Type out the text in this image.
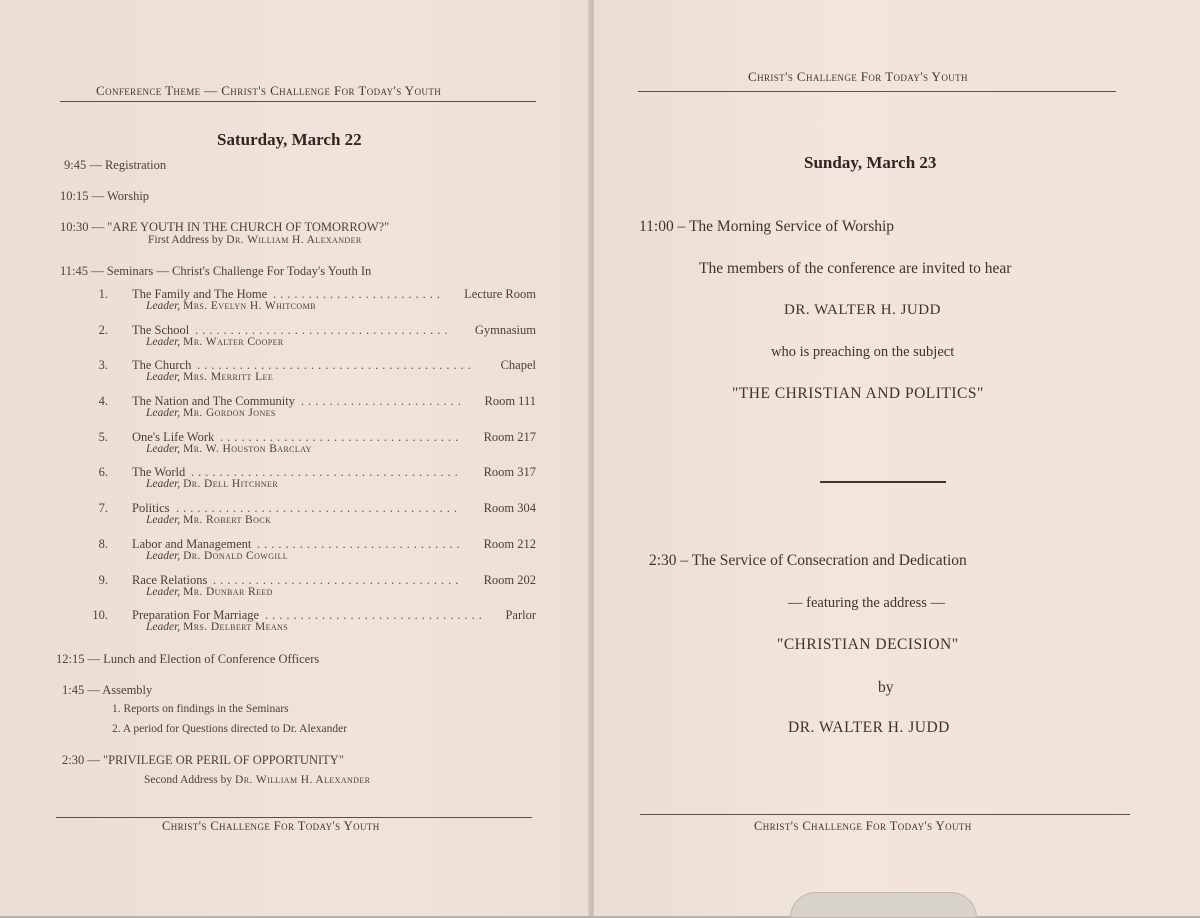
Conference Theme — Christ's Challenge For Today's Youth
Saturday, March 22
9:45 — Registration
10:15 — Worship
10:30 — "ARE YOUTH IN THE CHURCH OF TOMORROW?"
First Address by Dr. William H. Alexander
11:45 — Seminars — Christ's Challenge For Today's Youth In
1. The Family and The Home ........................	Lecture Room
Leader, Mrs. Evelyn H. Whitcomb
2. The School ....................................	Gymnasium
Leader, Mr. Walter Cooper
3. The Church .......................................	Chapel
Leader, Mrs. Merritt Lee
4. The Nation and The Community .......................	Room 111
Leader, Mr. Gordon Jones
5. One's Life Work ..................................	Room 217
Leader, Mr. W. Houston Barclay
6. The World ......................................	Room 317
Leader, Dr. Dell Hitchner
7. Politics ........................................	Room 304
Leader, Mr. Robert Bock
8. Labor and Management .............................	Room 212
Leader, Dr. Donald Cowgill
9. Race Relations ...................................	Room 202
Leader, Mr. Dunbar Reed
10. Preparation For Marriage ...............................	Parlor
Leader, Mrs. Delbert Means
12:15 — Lunch and Election of Conference Officers
1:45 — Assembly
1. Reports on findings in the Seminars
2. A period for Questions directed to Dr. Alexander
2:30 — "PRIVILEGE OR PERIL OF OPPORTUNITY"
Second Address by Dr. William H. Alexander
Christ's Challenge For Today's Youth
Christ's Challenge For Today's Youth
Sunday, March 23
11:00 – The Morning Service of Worship
The members of the conference are invited to hear
DR. WALTER H. JUDD
who is preaching on the subject
"THE CHRISTIAN AND POLITICS"
2:30 – The Service of Consecration and Dedication
— featuring the address —
"CHRISTIAN DECISION"
by
DR. WALTER H. JUDD
Christ's Challenge For Today's Youth
